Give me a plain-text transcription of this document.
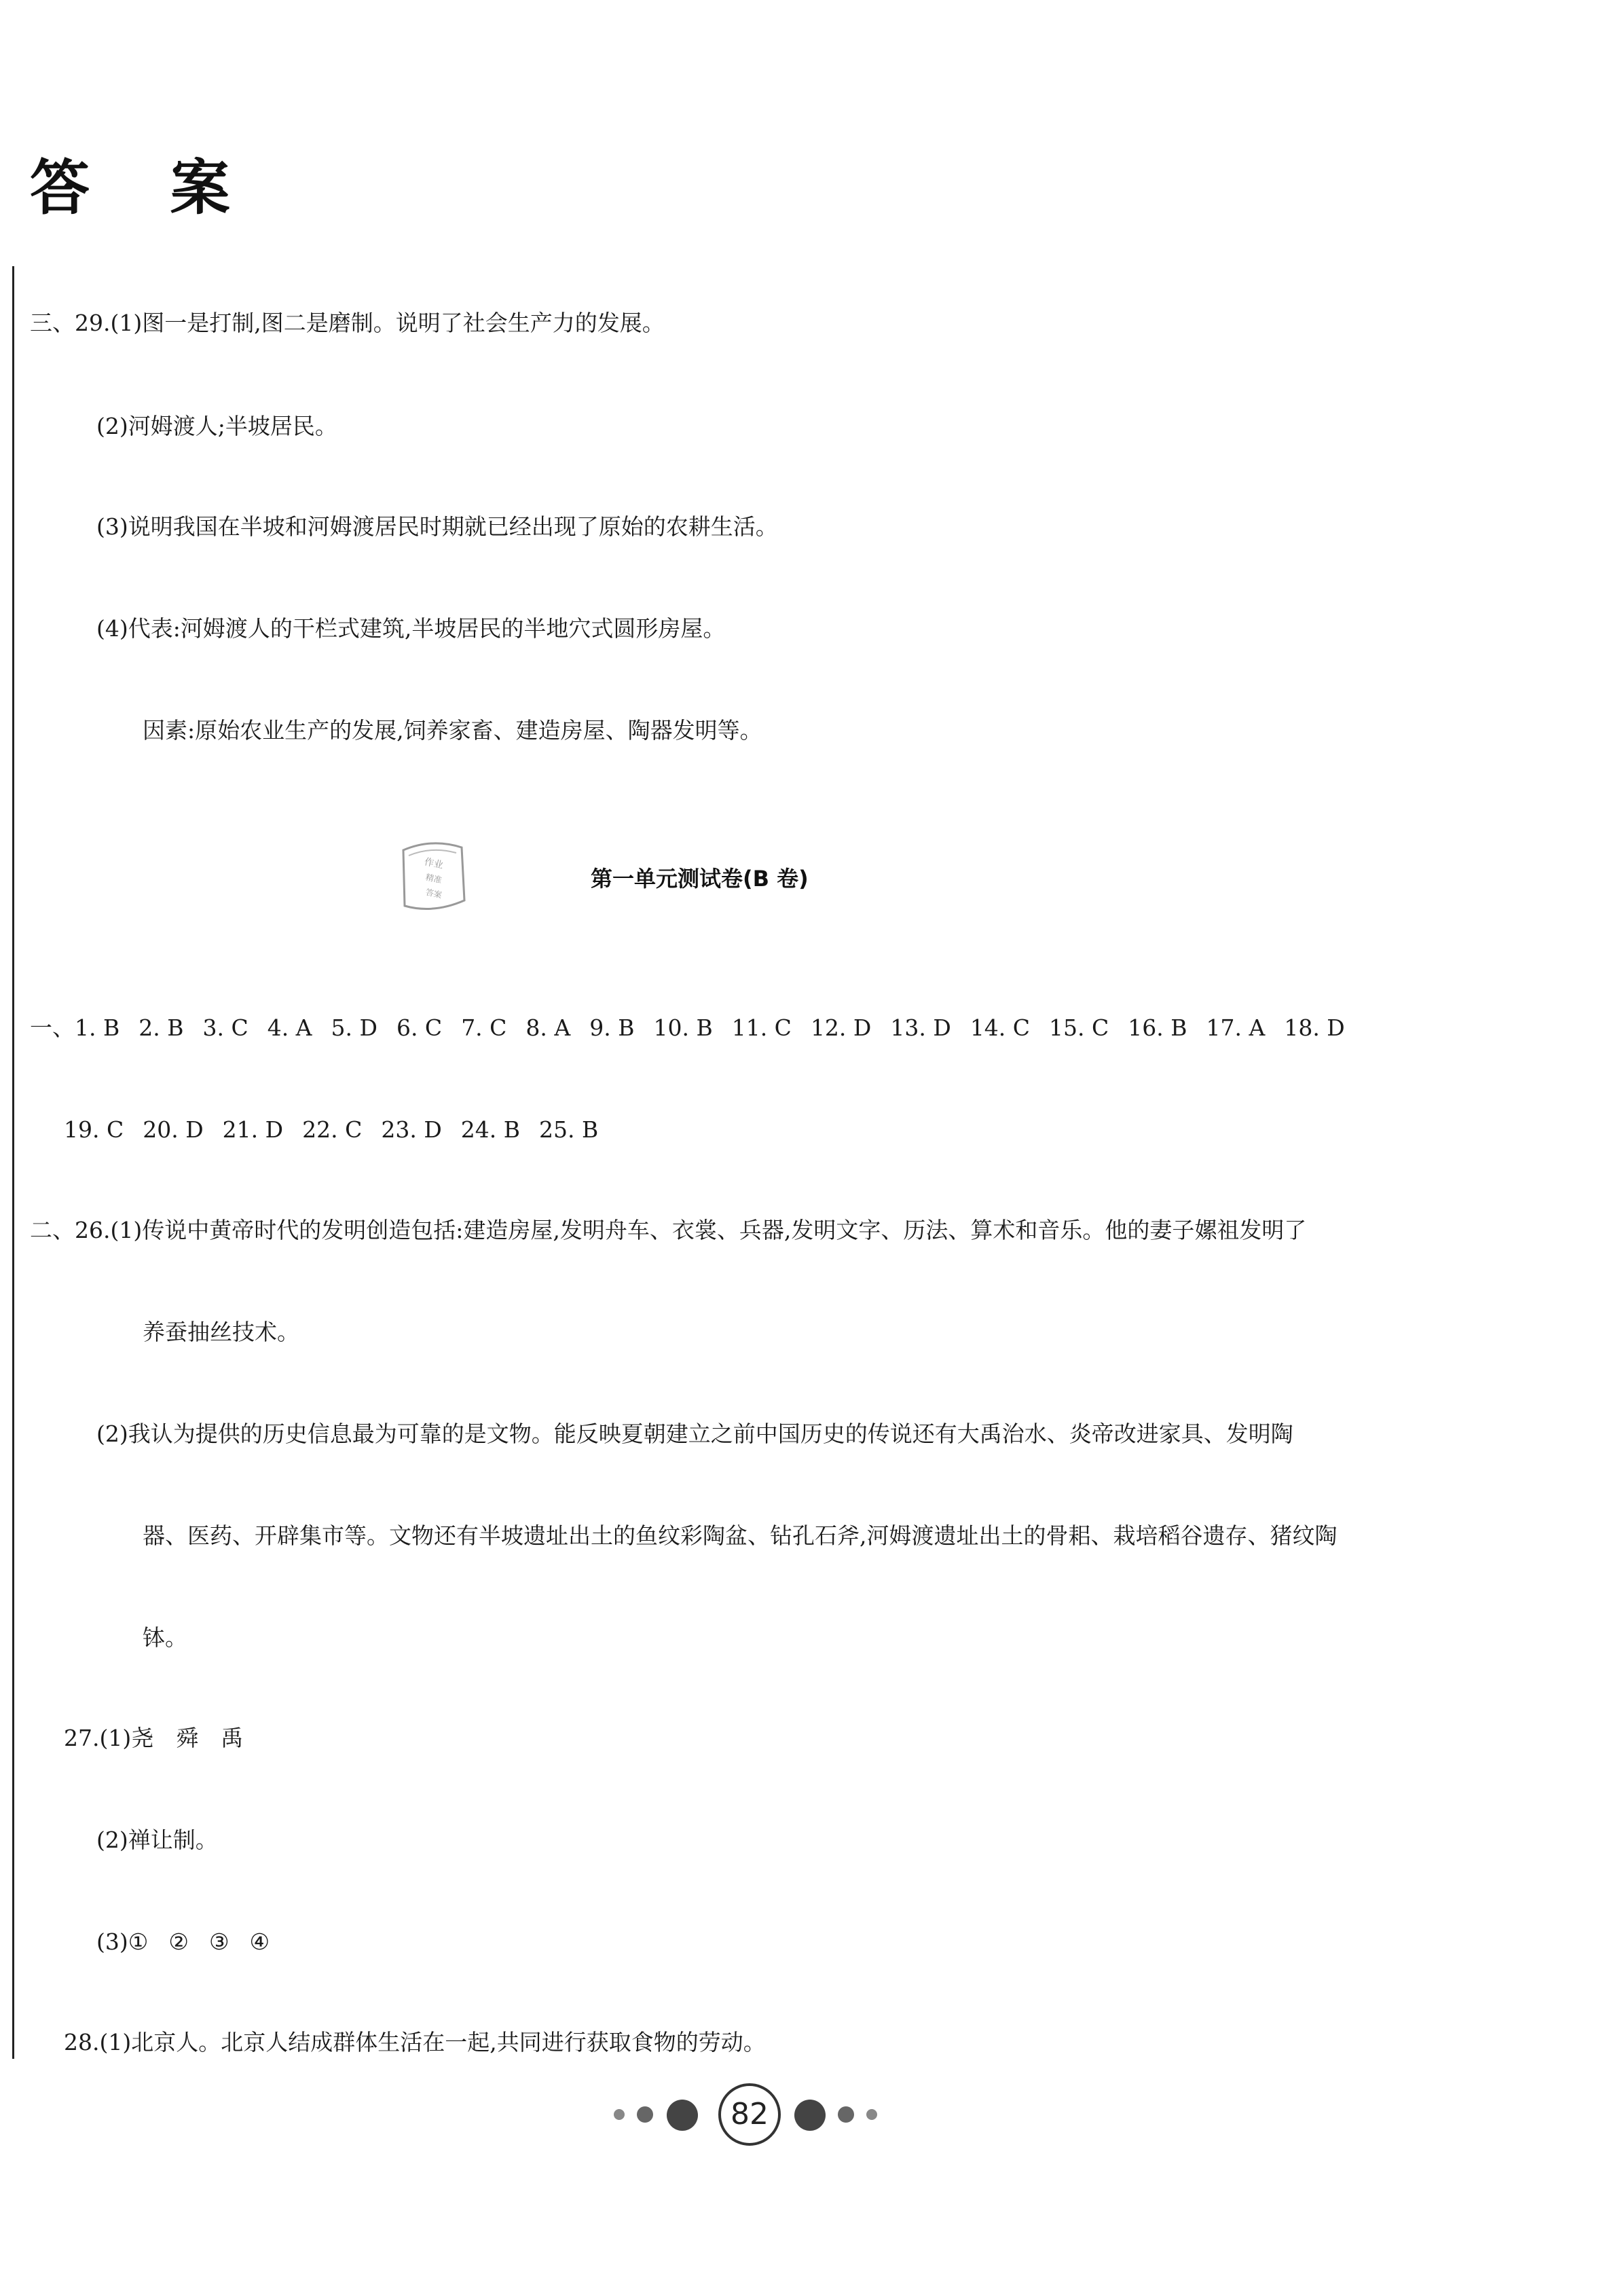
答 案
三、29.(1)图一是打制,图二是磨制。说明了社会生产力的发展。
(2)河姆渡人;半坡居民。
(3)说明我国在半坡和河姆渡居民时期就已经出现了原始的农耕生活。
(4)代表:河姆渡人的干栏式建筑,半坡居民的半地穴式圆形房屋。
因素:原始农业生产的发展,饲养家畜、建造房屋、陶器发明等。
作业
精准
答案
第一单元测试卷(B 卷)
一、1. B 2. B 3. C 4. A 5. D 6. C 7. C 8. A 9. B 10. B 11. C 12. D 13. D 14. C 15. C 16. B 17. A 18. D
19. C 20. D 21. D 22. C 23. D 24. B 25. B
二、26.(1)传说中黄帝时代的发明创造包括:建造房屋,发明舟车、衣裳、兵器,发明文字、历法、算术和音乐。他的妻子嫘祖发明了
养蚕抽丝技术。
(2)我认为提供的历史信息最为可靠的是文物。能反映夏朝建立之前中国历史的传说还有大禹治水、炎帝改进家具、发明陶
器、医药、开辟集市等。文物还有半坡遗址出土的鱼纹彩陶盆、钻孔石斧,河姆渡遗址出土的骨耜、栽培稻谷遗存、猪纹陶
钵。
27.(1)尧　舜　禹
(2)禅让制。
(3)① ② ③ ④
28.(1)北京人。北京人结成群体生活在一起,共同进行获取食物的劳动。
82
